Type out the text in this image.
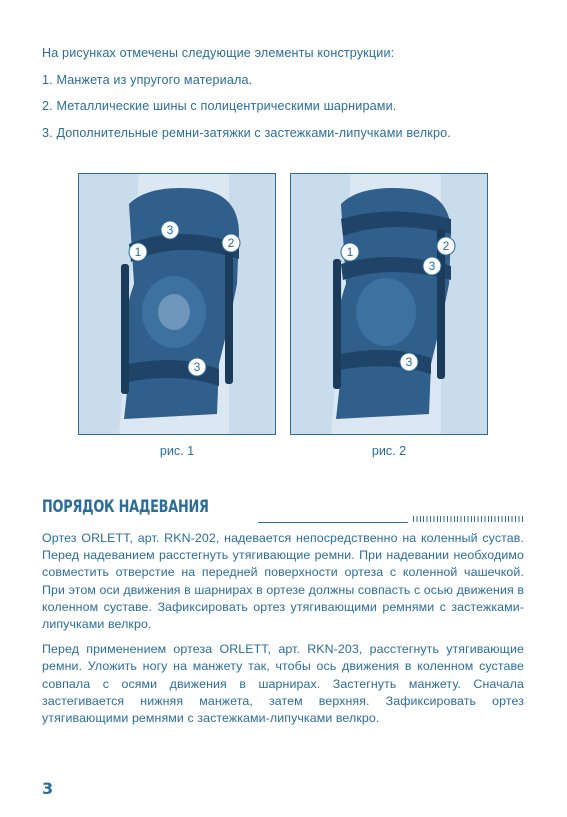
На рисунках отмечены следующие элементы конструкции:

1. Манжета из упругого материала.

2. Металлические шины с полицентрическими шарнирами.

3. Дополнительные ремни-затяжки с застежками-липучками велкро.

1
2
3
3
рис. 1
1	2
3
3
рис. 2
ПОРЯДОК НАДЕВАНИЯ

Ортез ORLETT, арт. RKN-202, надевается непосредственно на коленный сустав. Перед надеванием расстегнуть утягивающие ремни. При надевании необходимо совместить отверстие на передней поверхности ортеза с коленной чашечкой. При этом оси движения в шарнирах в ортезе должны совпасть с осью движения в коленном суставе. Зафиксировать ортез утягивающими ремнями с застежками-липучками велкро.

Перед применением ортеза ORLETT, арт. RKN-203, расстегнуть утягивающие ремни. Уложить ногу на манжету так, чтобы ось движения в коленном суставе совпала с осями движения в шарнирах. Застегнуть манжету. Сначала застегивается нижняя манжета, затем верхняя. Зафиксировать ортез утягивающими ремнями с застежками-липучками велкро.

3
